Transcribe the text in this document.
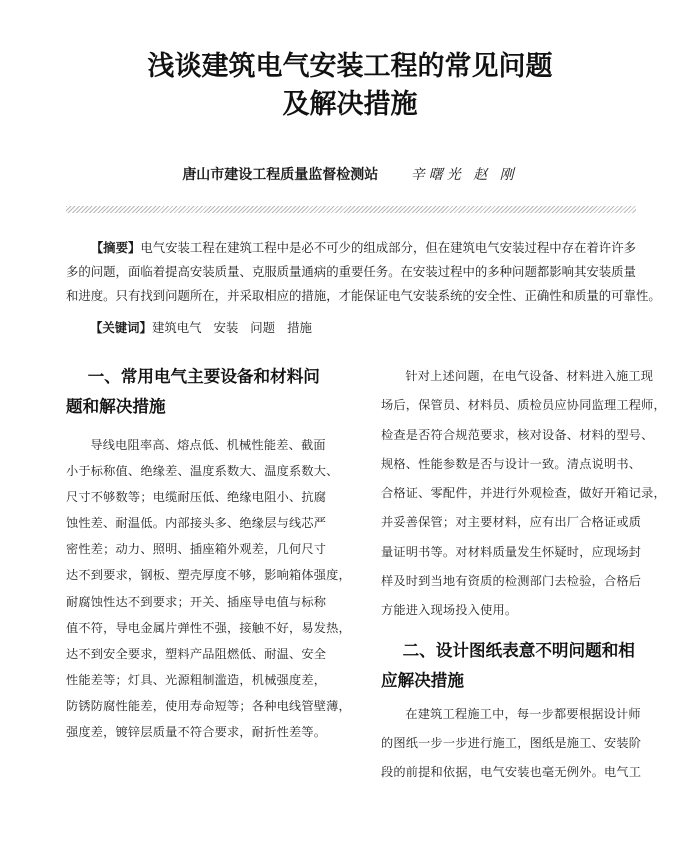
浅谈建筑电气安装工程的常见问题
及解决措施
唐山市建设工程质量监督检测站 辛曙光 赵 刚
【摘要】电气安装工程在建筑工程中是必不可少的组成部分，但在建筑电气安装过程中存在着许许多
多的问题，面临着提高安装质量、克服质量通病的重要任务。在安装过程中的多种问题都影响其安装质量
和进度。只有找到问题所在，并采取相应的措施，才能保证电气安装系统的安全性、正确性和质量的可靠性。
【关键词】建筑电气 安装 问题 措施
一、常用电气主要设备和材料问
题和解决措施
导线电阻率高、熔点低、机械性能差、截面
小于标称值、绝缘差、温度系数大、温度系数大、
尺寸不够数等；电缆耐压低、绝缘电阻小、抗腐
蚀性差、耐温低。内部接头多、绝缘层与线芯严
密性差；动力、照明、插座箱外观差，几何尺寸
达不到要求，钢板、塑壳厚度不够，影响箱体强度，
耐腐蚀性达不到要求；开关、插座导电值与标称
值不符，导电金属片弹性不强，接触不好，易发热，
达不到安全要求，塑料产品阻燃低、耐温、安全
性能差等；灯具、光源粗制滥造，机械强度差，
防锈防腐性能差，使用寿命短等；各种电线管壁薄，
强度差，镀锌层质量不符合要求，耐折性差等。
针对上述问题，在电气设备、材料进入施工现
场后，保管员、材料员、质检员应协同监理工程师，
检查是否符合规范要求，核对设备、材料的型号、
规格、性能参数是否与设计一致。清点说明书、
合格证、零配件，并进行外观检查，做好开箱记录，
并妥善保管；对主要材料，应有出厂合格证或质
量证明书等。对材料质量发生怀疑时，应现场封
样及时到当地有资质的检测部门去检验，合格后
方能进入现场投入使用。
二、设计图纸表意不明问题和相
应解决措施
在建筑工程施工中，每一步都要根据设计师
的图纸一步一步进行施工，图纸是施工、安装阶
段的前提和依据，电气安装也毫无例外。电气工
